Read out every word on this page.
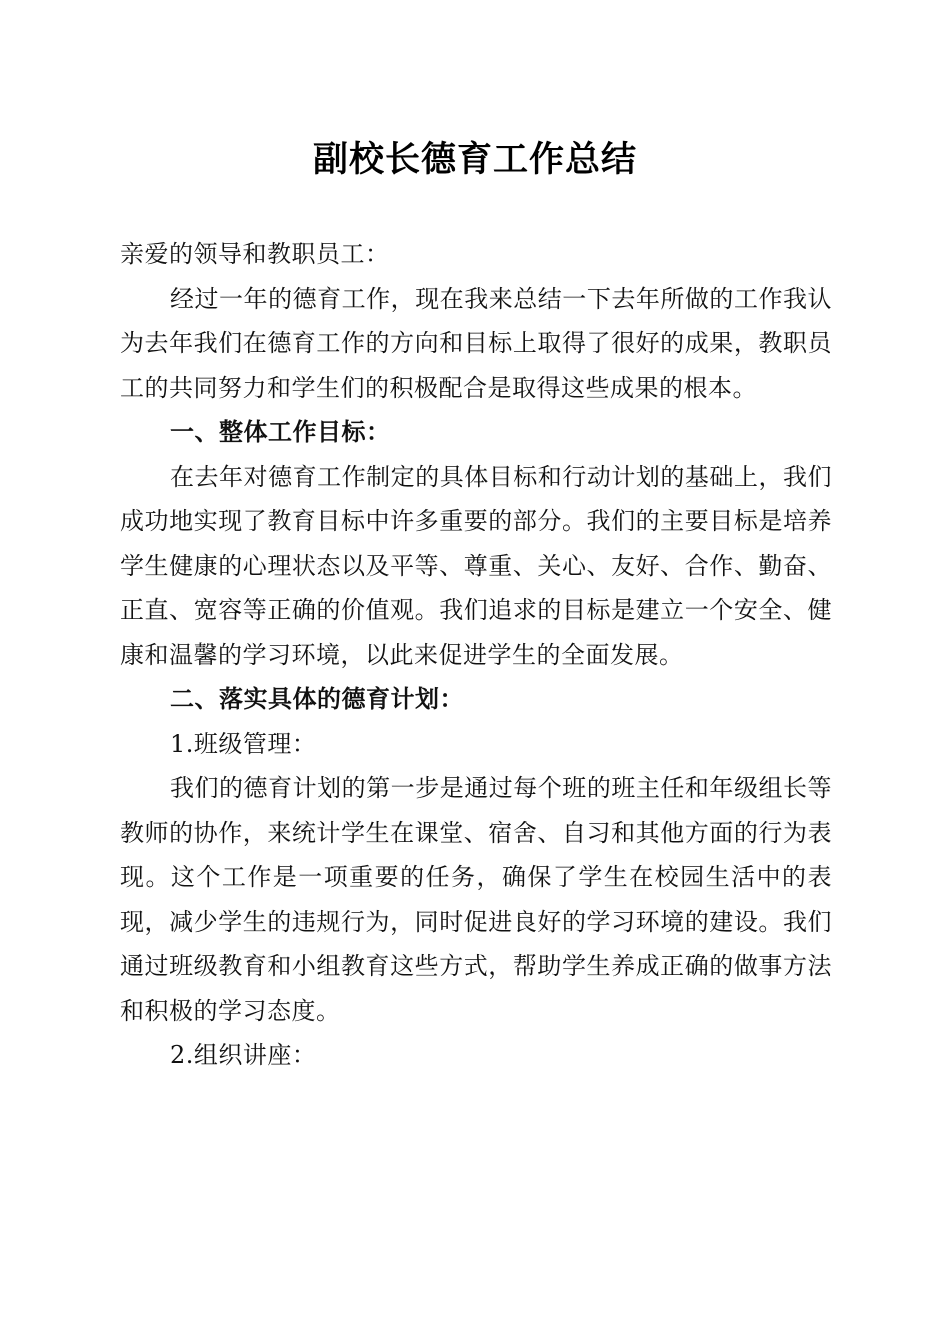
副校长德育工作总结

亲爱的领导和教职员工：

经过一年的德育工作，现在我来总结一下去年所做的工作我认为去年我们在德育工作的方向和目标上取得了很好的成果，教职员工的共同努力和学生们的积极配合是取得这些成果的根本。

一、整体工作目标：

在去年对德育工作制定的具体目标和行动计划的基础上，我们成功地实现了教育目标中许多重要的部分。我们的主要目标是培养学生健康的心理状态以及平等、尊重、关心、友好、合作、勤奋、正直、宽容等正确的价值观。我们追求的目标是建立一个安全、健康和温馨的学习环境，以此来促进学生的全面发展。

二、落实具体的德育计划：

1.班级管理：

我们的德育计划的第一步是通过每个班的班主任和年级组长等教师的协作，来统计学生在课堂、宿舍、自习和其他方面的行为表现。这个工作是一项重要的任务，确保了学生在校园生活中的表现，减少学生的违规行为，同时促进良好的学习环境的建设。我们通过班级教育和小组教育这些方式，帮助学生养成正确的做事方法和积极的学习态度。

2.组织讲座：
